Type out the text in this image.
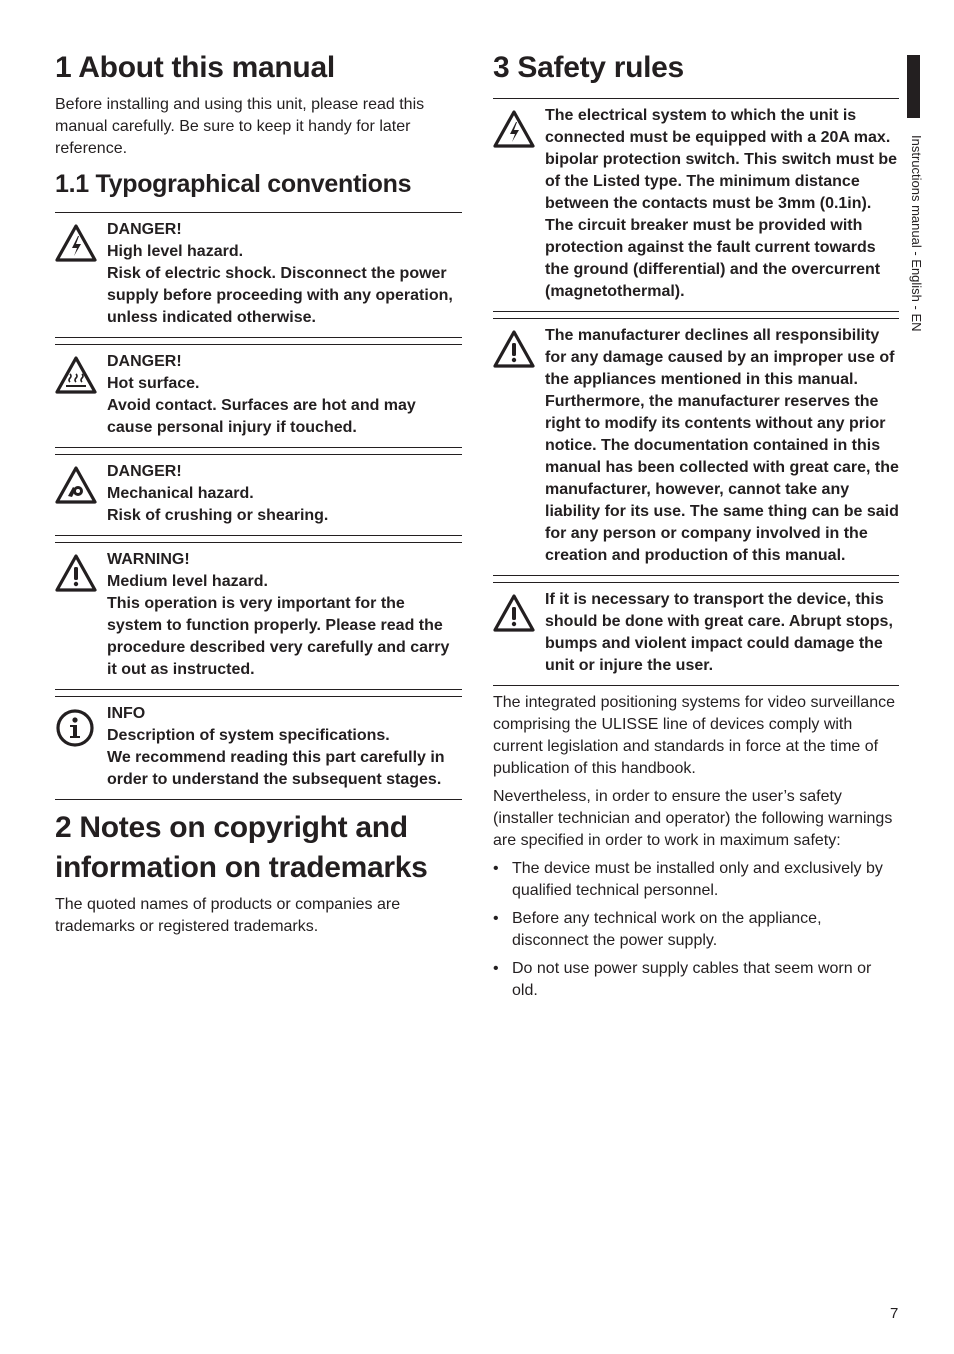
1 About this manual

Before installing and using this unit, please read this manual carefully. Be sure to keep it handy for later reference.

1.1 Typographical conventions
DANGER!
High level hazard.
Risk of electric shock. Disconnect the power supply before proceeding with any operation, unless indicated otherwise.
DANGER!
Hot surface.
Avoid contact. Surfaces are hot and may cause personal injury if touched.
DANGER!
Mechanical hazard.
Risk of crushing or shearing.
WARNING!
Medium level hazard.
This operation is very important for the system to function properly. Please read the procedure described very carefully and carry it out as instructed.
INFO
Description of system specifications.
We recommend reading this part carefully in order to understand the subsequent stages.
2 Notes on copyright and information on trademarks

The quoted names of products or companies are trademarks or registered trademarks.

3 Safety rules
The electrical system to which the unit is connected must be equipped with a 20A max. bipolar protection switch. This switch must be of the Listed type. The minimum distance between the contacts must be 3mm (0.1in). The circuit breaker must be provided with protection against the fault current towards the ground (differential) and the overcurrent (magnetothermal).
The manufacturer declines all responsibility for any damage caused by an improper use of the appliances mentioned in this manual. Furthermore, the manufacturer reserves the right to modify its contents without any prior notice. The documentation contained in this manual has been collected with great care, the manufacturer, however, cannot take any liability for its use. The same thing can be said for any person or company involved in the creation and production of this manual.
If it is necessary to transport the device, this should be done with great care. Abrupt stops, bumps and violent impact could damage the unit or injure the user.

The integrated positioning systems for video surveillance comprising the ULISSE line of devices comply with current legislation and standards in force at the time of publication of this handbook.

Nevertheless, in order to ensure the user’s safety (installer technician and operator) the following warnings are specified in order to work in maximum safety:

• The device must be installed only and exclusively by qualified technical personnel.
• Before any technical work on the appliance, disconnect the power supply.
• Do not use power supply cables that seem worn or old.
Instructions manual - English - EN
7
